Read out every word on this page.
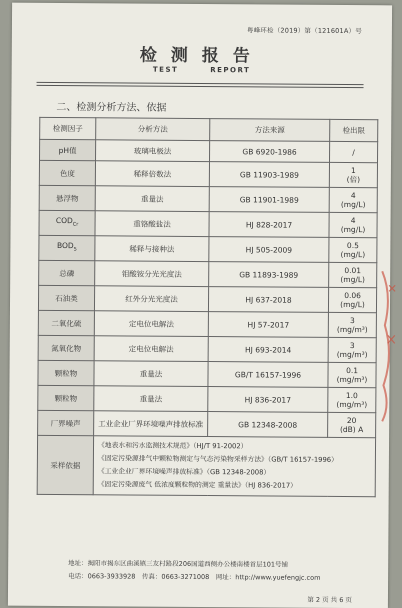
粤峰环检（2019）第（121601A）号
检测报告
TEST REPORT
二、检测分析方法、依据
检测因子	分析方法	方法来源	检出限
pH值	玻璃电极法	GB 6920-1986	/

色度	稀释倍数法	GB 11903-1989	1
(倍)

悬浮物	重量法	GB 11901-1989	4
(mg/L)

$COD_{Cr}$	重铬酸盐法	HJ 828-2017	4
(mg/L)

$BOD_5$	稀释与接种法	HJ 505-2009	0.5
(mg/L)

总磷	钼酸铵分光光度法	GB 11893-1989	0.01
(mg/L)

石油类	红外分光光度法	HJ 637-2018	0.06
(mg/L)

二氧化硫	定电位电解法	HJ 57-2017	3
(mg/m³)

氮氧化物	定电位电解法	HJ 693-2014	3
(mg/m³)

颗粒物	重量法	GB/T 16157-1996	0.1
(mg/m³)

颗粒物	重量法	HJ 836-2017	1.0
(mg/m³)

厂界噪声	工业企业厂界环境噪声排放标准	GB 12348-2008	20
(dB) A

采样依据	《地表水和污水监测技术规范》（HJ/T 91-2002）
《固定污染源排气中颗粒物测定与气态污染物采样方法》（GB/T 16157-1996）
《工业企业厂界环境噪声排放标准》（GB 12348-2008）
《固定污染源废气 低浓度颗粒物的测定 重量法》（HJ 836-2017）		
地址：揭阳市揭东区曲溪镇三友村路段206国道西侧办公楼南楼首层101号铺
电话：0663-3933928　传真：0663-3271008　网址：http://www.yuefengjc.com
第 2 页 共 6 页
